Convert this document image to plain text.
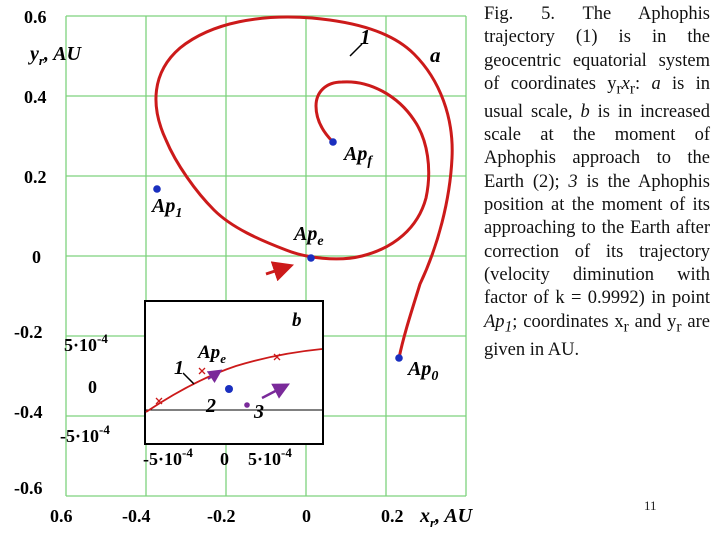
0.6
0.4
0.2
0
-0.2
-0.4
-0.6
0.6	-0.4	-0.2	0	0.2
$y_r$, AU
$x_r$, AU
1
a
$Ap_f$
$Ap_1$
$Ap_e$
$Ap_0$
b
1
$Ap_e$
2 3
$5\cdot 10^{-4}$
0
$-5\cdot 10^{-4}$
$-5\cdot 10^{-4}$ 0 $5\cdot 10^{-4}$

Fig. 5. The Aphophis trajectory (1) is in the geocentric equatorial system of coordinates $y_rx_r$: a is in usual scale, b is in increased scale at the moment of Aphophis approach to the Earth (2); 3 is the Aphophis position at the moment of its approaching to the Earth after correction of its trajectory (velocity diminution with factor of k = 0.9992) in point $Ap_1$; coordinates $x_r$ and $y_r$ are given in AU.

11
